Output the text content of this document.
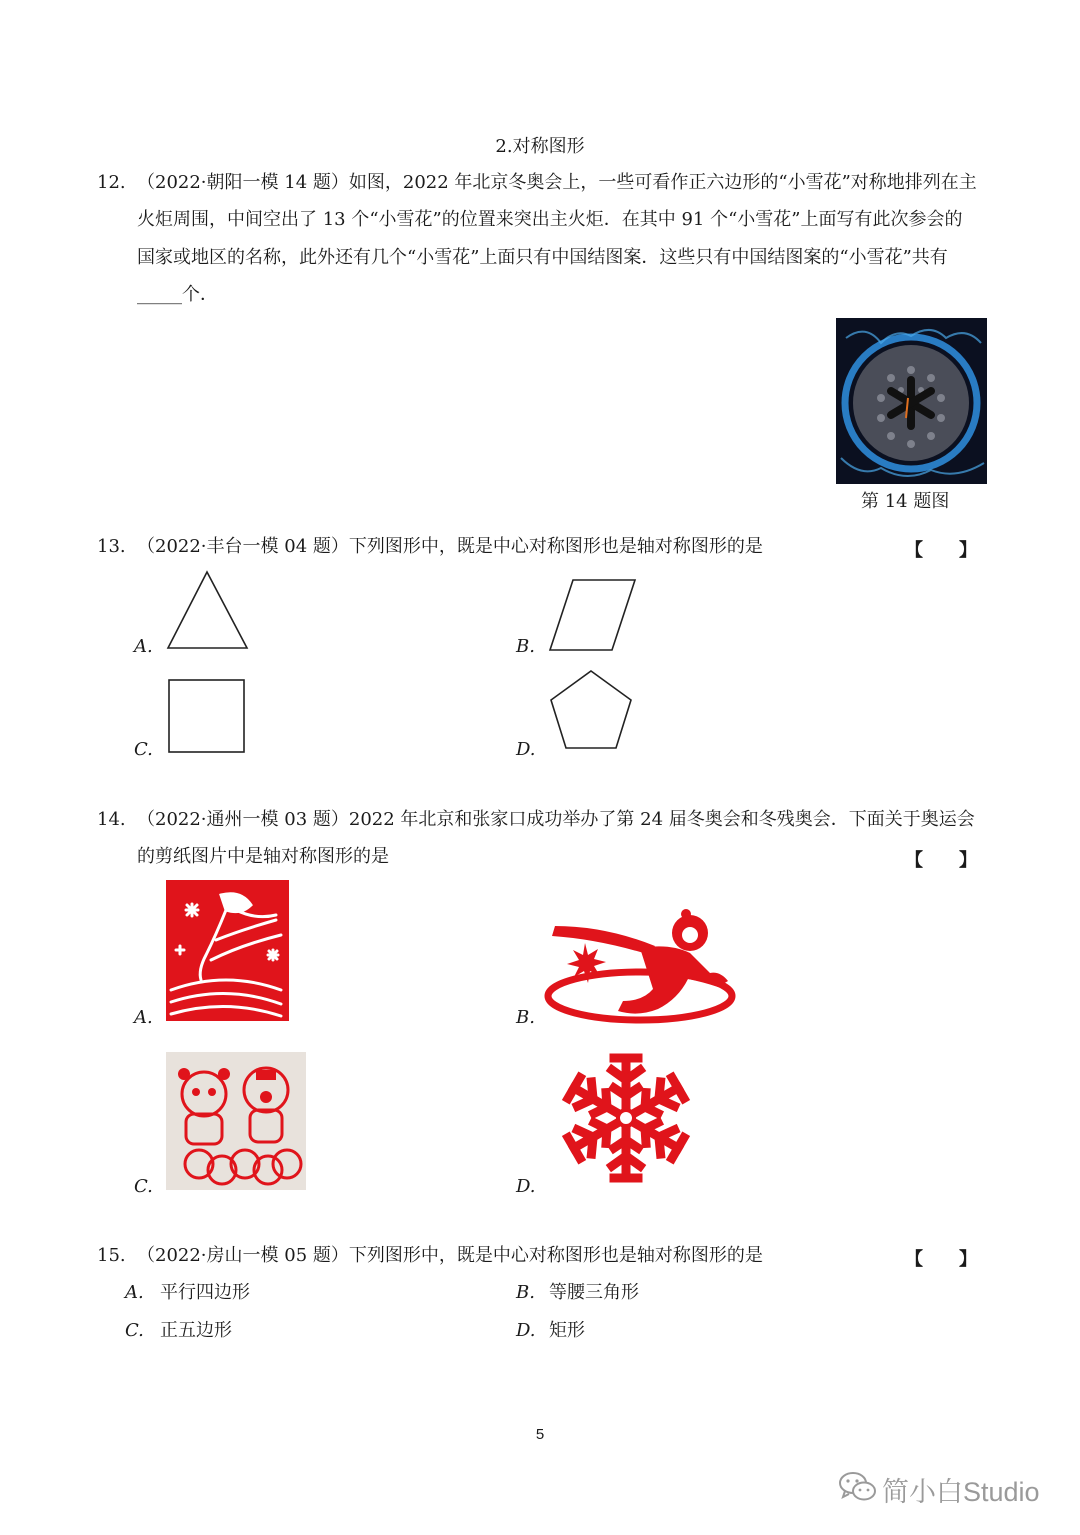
2.对称图形
12. （2022·朝阳一模 14 题）如图，2022 年北京冬奥会上，一些可看作正六边形的“小雪花”对称地排列在主
火炬周围，中间空出了 13 个“小雪花”的位置来突出主火炬．在其中 91 个“小雪花”上面写有此次参会的
国家或地区的名称，此外还有几个“小雪花”上面只有中国结图案．这些只有中国结图案的“小雪花”共有
_____个．
第 14 题图
13. （2022·丰台一模 04 题）下列图形中，既是中心对称图形也是轴对称图形的是	【　　】
A.	B.
C.	D.
14. （2022·通州一模 03 题）2022 年北京和张家口成功举办了第 24 届冬奥会和冬残奥会．下面关于奥运会
的剪纸图片中是轴对称图形的是	【　　】
A.	B.
C.	D.
15. （2022·房山一模 05 题）下列图形中，既是中心对称图形也是轴对称图形的是	【　　】
A. 平行四边形	B. 等腰三角形
C. 正五边形	D. 矩形
5
简小白Studio
